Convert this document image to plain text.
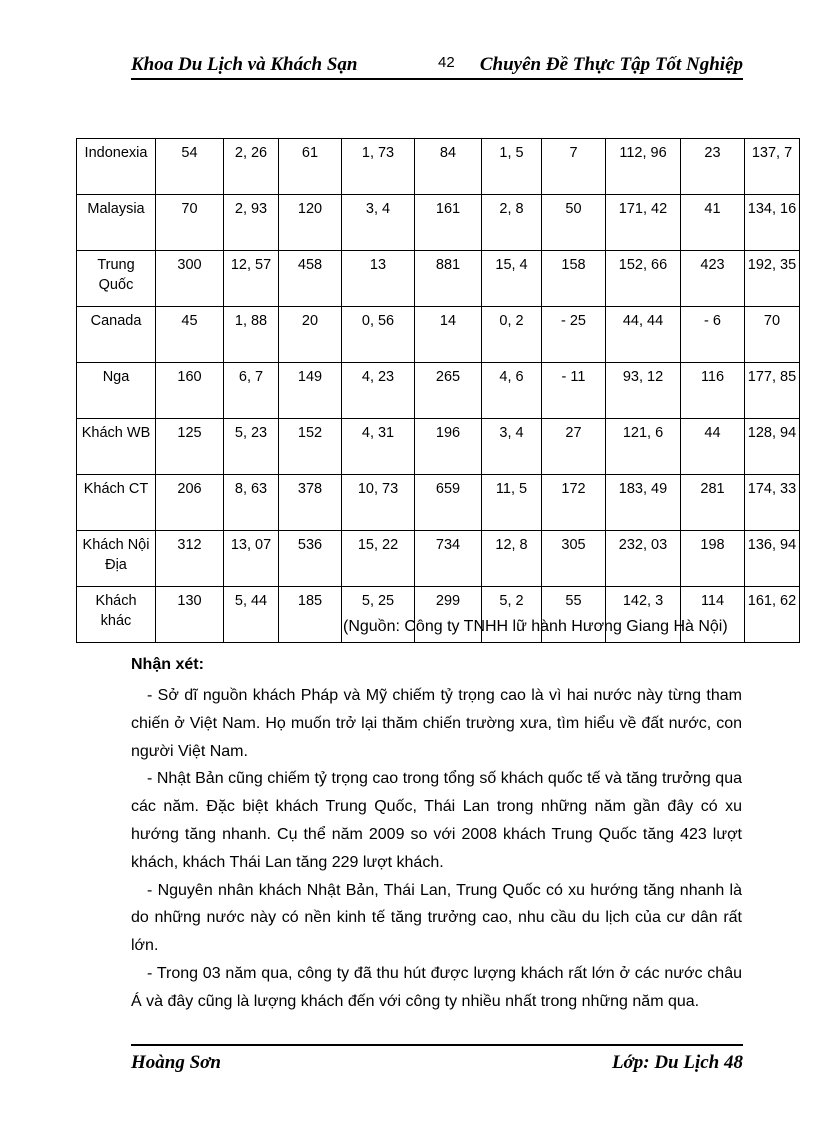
Khoa Du Lịch và Khách Sạn	42 Chuyên Đề Thực Tập Tốt Nghiệp
Indonexia	54	2, 26	61	1, 73	84	1, 5	7	112, 96	23	137, 7
Malaysia	70	2, 93	120	3, 4	161	2, 8	50	171, 42	41	134, 16
Trung Quốc	300	12, 57	458	13	881	15, 4	158	152, 66	423	192, 35
Canada	45	1, 88	20	0, 56	14	0, 2	- 25	44, 44	- 6	70
Nga	160	6, 7	149	4, 23	265	4, 6	- 11	93, 12	116	177, 85
Khách WB	125	5, 23	152	4, 31	196	3, 4	27	121, 6	44	128, 94
Khách CT	206	8, 63	378	10, 73	659	11, 5	172	183, 49	281	174, 33
Khách Nội Địa	312	13, 07	536	15, 22	734	12, 8	305	232, 03	198	136, 94
Khách khác	130	5, 44	185	5, 25	299	5, 2	55	142, 3	114	161, 62
(Nguồn: Công ty TNHH lữ hành Hương Giang Hà Nội)
Nhận xét:

- Sở dĩ nguồn khách Pháp và Mỹ chiếm tỷ trọng cao là vì hai nước này từng tham chiến ở Việt Nam. Họ muốn trở lại thăm chiến trường xưa, tìm hiểu về đất nước, con người Việt Nam.

- Nhật Bản cũng chiếm tỷ trọng cao trong tổng số khách quốc tế và tăng trưởng qua các năm. Đặc biệt khách Trung Quốc, Thái Lan trong những năm gần đây có xu hướng tăng nhanh. Cụ thể năm 2009 so với 2008 khách Trung Quốc tăng 423 lượt khách, khách Thái Lan tăng 229 lượt khách.

- Nguyên nhân khách Nhật Bản, Thái Lan, Trung Quốc có xu hướng tăng nhanh là do những nước này có nền kinh tế tăng trưởng cao, nhu cầu du lịch của cư dân rất lớn.

- Trong 03 năm qua, công ty đã thu hút được lượng khách rất lớn ở các nước châu Á và đây cũng là lượng khách đến với công ty nhiều nhất trong những năm qua.

Hoàng Sơn	Lớp: Du Lịch 48
